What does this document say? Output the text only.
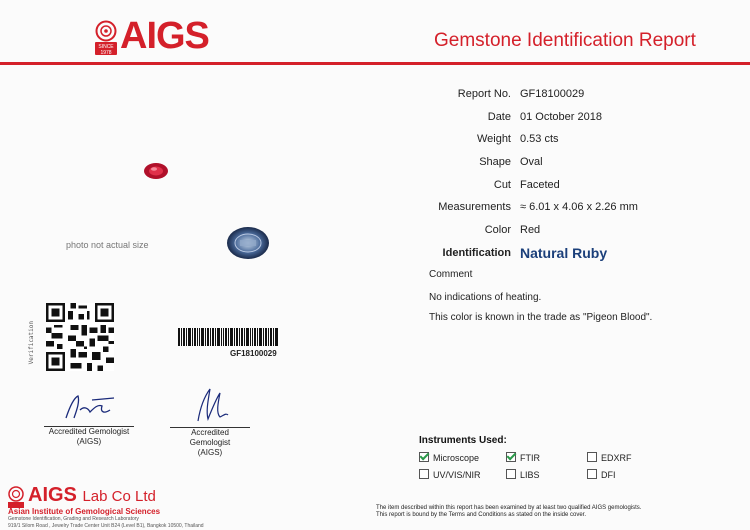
SINCE
1978 AIGS	Gemstone Identification Report
Report No. GF18100029
Date 01 October 2018
Weight 0.53 cts
Shape Oval
Cut Faceted
Measurements ≈ 6.01 x 4.06 x 2.26 mm
Color Red
Identification Natural Ruby
Comment
No indications of heating.
This color is known in the trade as "Pigeon Blood".
photo not actual size
Verification	GF18100029
Accredited Gemologist
(AIGS)
Accredited Gemologist
(AIGS)
Instruments Used:
Microscope	FTIR	EDXRF
UV/VIS/NIR	LIBS	DFI
AIGS Lab Co Ltd
Asian Institute of Gemological Sciences
Gemstone Identification, Grading and Research Laboratory
919/1 Silom Road , Jewelry Trade Center Unit B24 (Level B1), Bangkok 10500, Thailand
The item described within this report has been examined by at least two qualified AIGS gemologists.
This report is bound by the Terms and Conditions as stated on the inside cover.
